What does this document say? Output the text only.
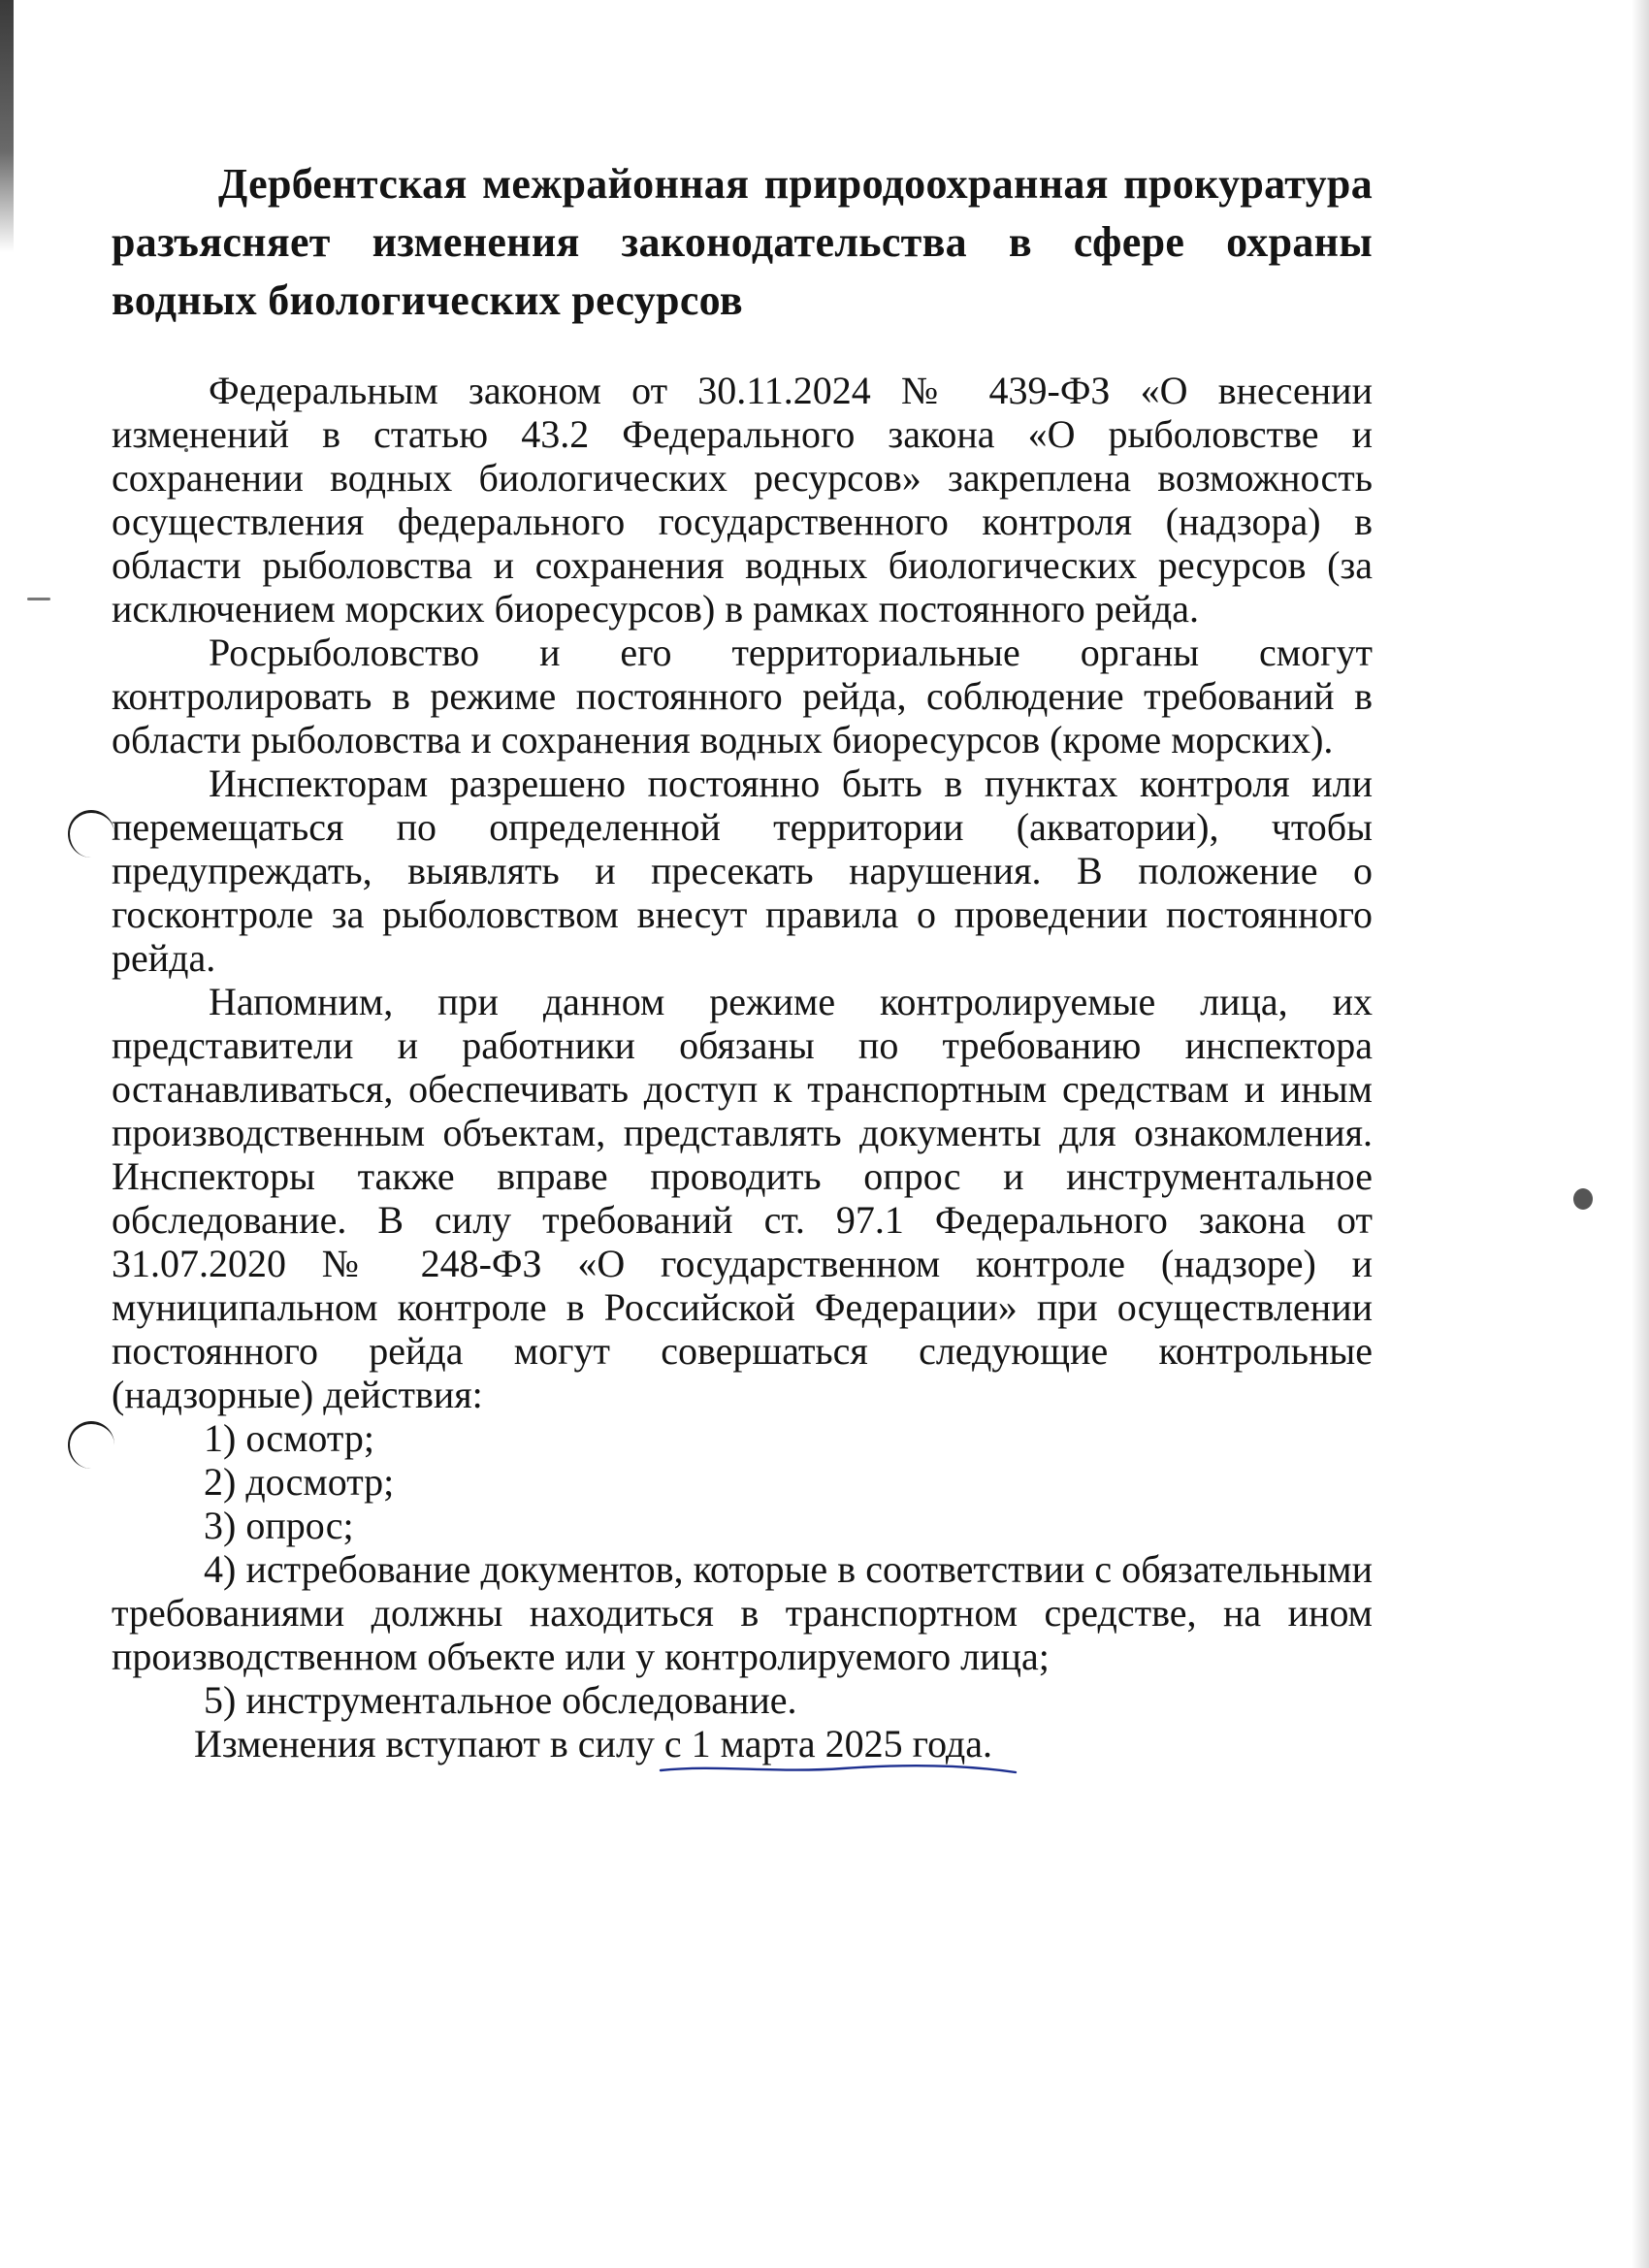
Дербентская межрайонная природоохранная прокуратура разъясняет изменения законодательства в сфере охраны водных биологических ресурсов

Федеральным законом от 30.11.2024 № 439-ФЗ «О внесении изменений в статью 43.2 Федерального закона «О рыболовстве и сохранении водных биологических ресурсов» закреплена возможность осуществления федерального государственного контроля (надзора) в области рыболовства и сохранения водных биологических ресурсов (за исключением морских биоресурсов) в рамках постоянного рейда.

Росрыболовство и его территориальные органы смогут контролировать в режиме постоянного рейда, соблюдение требований в области рыболовства и сохранения водных биоресурсов (кроме морских).

Инспекторам разрешено постоянно быть в пунктах контроля или перемещаться по определенной территории (акватории), чтобы предупреждать, выявлять и пресекать нарушения. В положение о госконтроле за рыболовством внесут правила о проведении постоянного рейда.

Напомним, при данном режиме контролируемые лица, их представители и работники обязаны по требованию инспектора останавливаться, обеспечивать доступ к транспортным средствам и иным производственным объектам, представлять документы для ознакомления. Инспекторы также вправе проводить опрос и инструментальное обследование. В силу требований ст. 97.1 Федерального закона от 31.07.2020 № 248-ФЗ «О государственном контроле (надзоре) и муниципальном контроле в Российской Федерации» при осуществлении постоянного рейда могут совершаться следующие контрольные (надзорные) действия:

1) осмотр;

2) досмотр;

3) опрос;

4) истребование документов, которые в соответствии с обязательными требованиями должны находиться в транспортном средстве, на ином производственном объекте или у контролируемого лица;

5) инструментальное обследование.

Изменения вступают в силу с 1 марта 2025 года.
